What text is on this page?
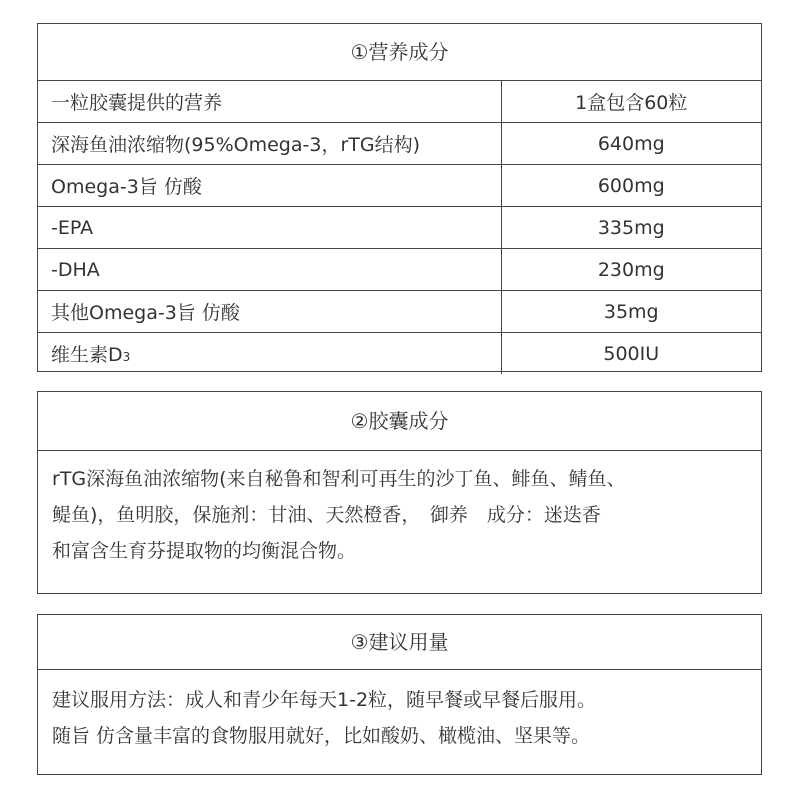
①营养成分
一粒胶囊提供的营养	1盒包含60粒
深海鱼油浓缩物(95%Omega-3，rTG结构)	640mg
Omega-3旨 仿酸	600mg
-EPA	335mg
-DHA	230mg
其他Omega-3旨 仿酸	35mg
维生素D3	500IU
②胶囊成分
rTG深海鱼油浓缩物(来自秘鲁和智利可再生的沙丁鱼、鲱鱼、鲭鱼、
鳀鱼)，鱼明胶，保施剂：甘油、天然橙香，　御养　成分：迷迭香
和富含生育芬提取物的均衡混合物。
③建议用量
建议服用方法：成人和青少年每天1-2粒，随早餐或早餐后服用。
随旨 仿含量丰富的食物服用就好，比如酸奶、橄榄油、坚果等。
